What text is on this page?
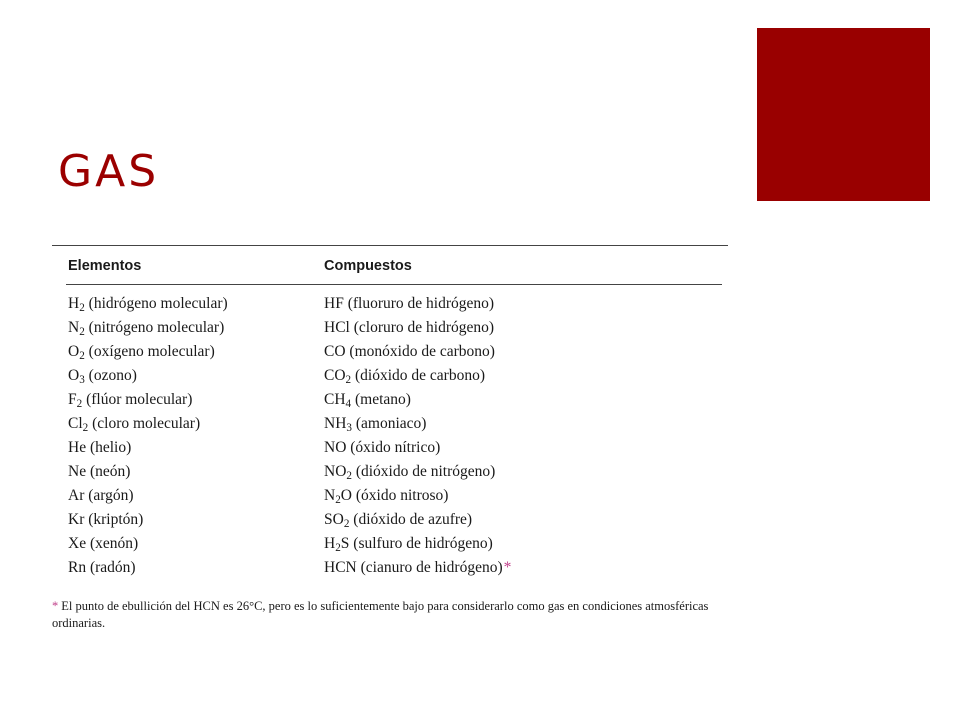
GAS
Elementos	Compuestos
$H_2$ (hidrógeno molecular)	HF (fluoruro de hidrógeno)
$N_2$ (nitrógeno molecular)	HCl (cloruro de hidrógeno)
$O_2$ (oxígeno molecular)	CO (monóxido de carbono)
$O_3$ (ozono)	$CO_2$ (dióxido de carbono)
$F_2$ (flúor molecular)	$CH_4$ (metano)
$Cl_2$ (cloro molecular)	$NH_3$ (amoniaco)
He (helio)	NO (óxido nítrico)
Ne (neón)	$NO_2$ (dióxido de nitrógeno)
Ar (argón)	$N_2O$ (óxido nitroso)
Kr (kriptón)	$SO_2$ (dióxido de azufre)
Xe (xenón)	$H_2S$ (sulfuro de hidrógeno)
Rn (radón)	HCN (cianuro de hidrógeno)*
* El punto de ebullición del HCN es 26°C, pero es lo suficientemente bajo para considerarlo como gas en condiciones atmosféricas ordinarias.
